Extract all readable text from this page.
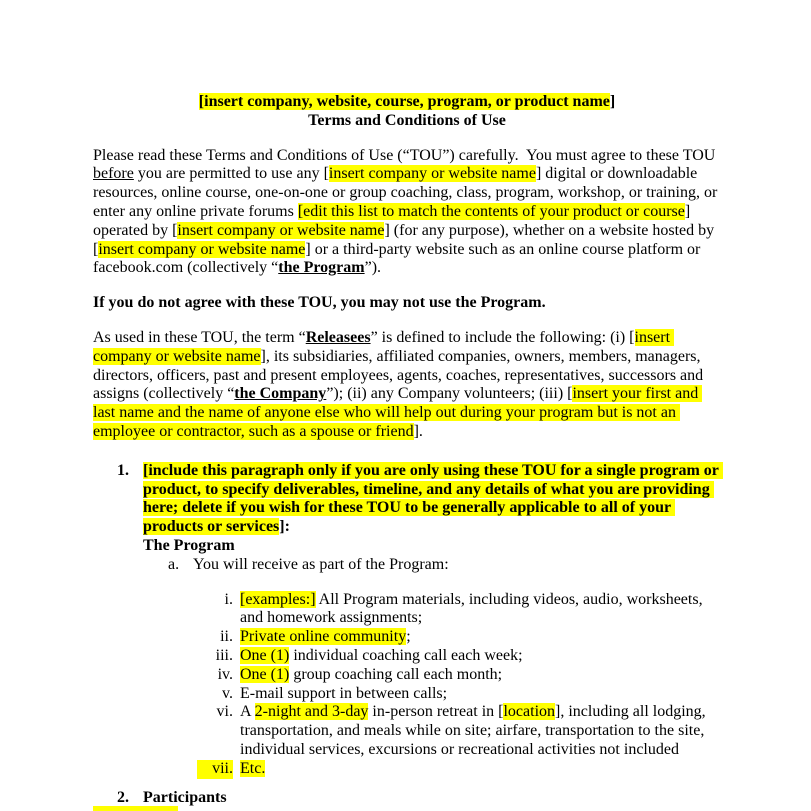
[insert company, website, course, program, or product name]
Terms and Conditions of Use
Please read these Terms and Conditions of Use (“TOU”) carefully.  You must agree to these TOU before you are permitted to use any [insert company or website name] digital or downloadable resources, online course, one-on-one or group coaching, class, program, workshop, or training, or enter any online private forums [edit this list to match the contents of your product or course] operated by [insert company or website name] (for any purpose), whether on a website hosted by [insert company or website name] or a third-party website such as an online course platform or facebook.com (collectively “the Program”).
If you do not agree with these TOU, you may not use the Program.
As used in these TOU, the term “Releasees” is defined to include the following: (i) [insert company or website name], its subsidiaries, affiliated companies, owners, members, managers, directors, officers, past and present employees, agents, coaches, representatives, successors and assigns (collectively “the Company”); (ii) any Company volunteers; (iii) [insert your first and last name and the name of anyone else who will help out during your program but is not an employee or contractor, such as a spouse or friend].
1. [include this paragraph only if you are only using these TOU for a single program or product, to specify deliverables, timeline, and any details of what you are providing here; delete if you wish for these TOU to be generally applicable to all of your products or services]:
The Program
a. You will receive as part of the Program:
i. [examples:] All Program materials, including videos, audio, worksheets, and homework assignments;
ii. Private online community;
iii. One (1) individual coaching call each week;
iv. One (1) group coaching call each month;
v. E-mail support in between calls;
vi. A 2-night and 3-day in-person retreat in [location], including all lodging, transportation, and meals while on site; airfare, transportation to the site, individual services, excursions or recreational activities not included
vii. Etc.
2. Participants
